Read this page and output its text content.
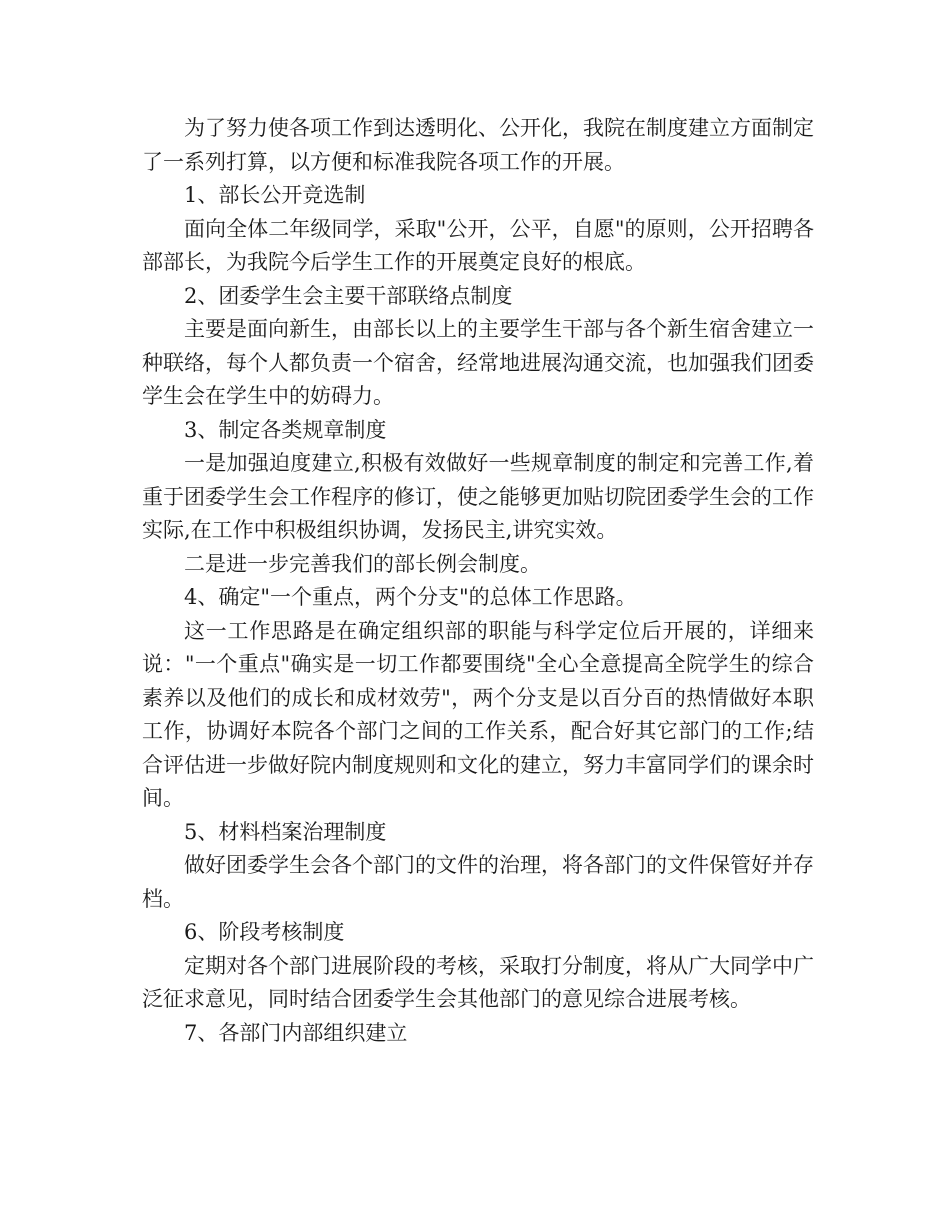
为了努力使各项工作到达透明化、公开化，我院在制度建立方面制定了一系列打算，以方便和标准我院各项工作的开展。

1、部长公开竞选制

面向全体二年级同学，采取"公开，公平，自愿"的原则，公开招聘各部部长，为我院今后学生工作的开展奠定良好的根底。

2、团委学生会主要干部联络点制度

主要是面向新生，由部长以上的主要学生干部与各个新生宿舍建立一种联络，每个人都负责一个宿舍，经常地进展沟通交流，也加强我们团委学生会在学生中的妨碍力。

3、制定各类规章制度

一是加强迫度建立,积极有效做好一些规章制度的制定和完善工作,着重于团委学生会工作程序的修订，使之能够更加贴切院团委学生会的工作实际,在工作中积极组织协调，发扬民主,讲究实效。

二是进一步完善我们的部长例会制度。

4、确定"一个重点，两个分支"的总体工作思路。

这一工作思路是在确定组织部的职能与科学定位后开展的，详细来说："一个重点"确实是一切工作都要围绕"全心全意提高全院学生的综合素养以及他们的成长和成材效劳"，两个分支是以百分百的热情做好本职工作，协调好本院各个部门之间的工作关系，配合好其它部门的工作;结合评估进一步做好院内制度规则和文化的建立，努力丰富同学们的课余时间。

5、材料档案治理制度

做好团委学生会各个部门的文件的治理，将各部门的文件保管好并存档。

6、阶段考核制度

定期对各个部门进展阶段的考核，采取打分制度，将从广大同学中广泛征求意见，同时结合团委学生会其他部门的意见综合进展考核。

7、各部门内部组织建立
